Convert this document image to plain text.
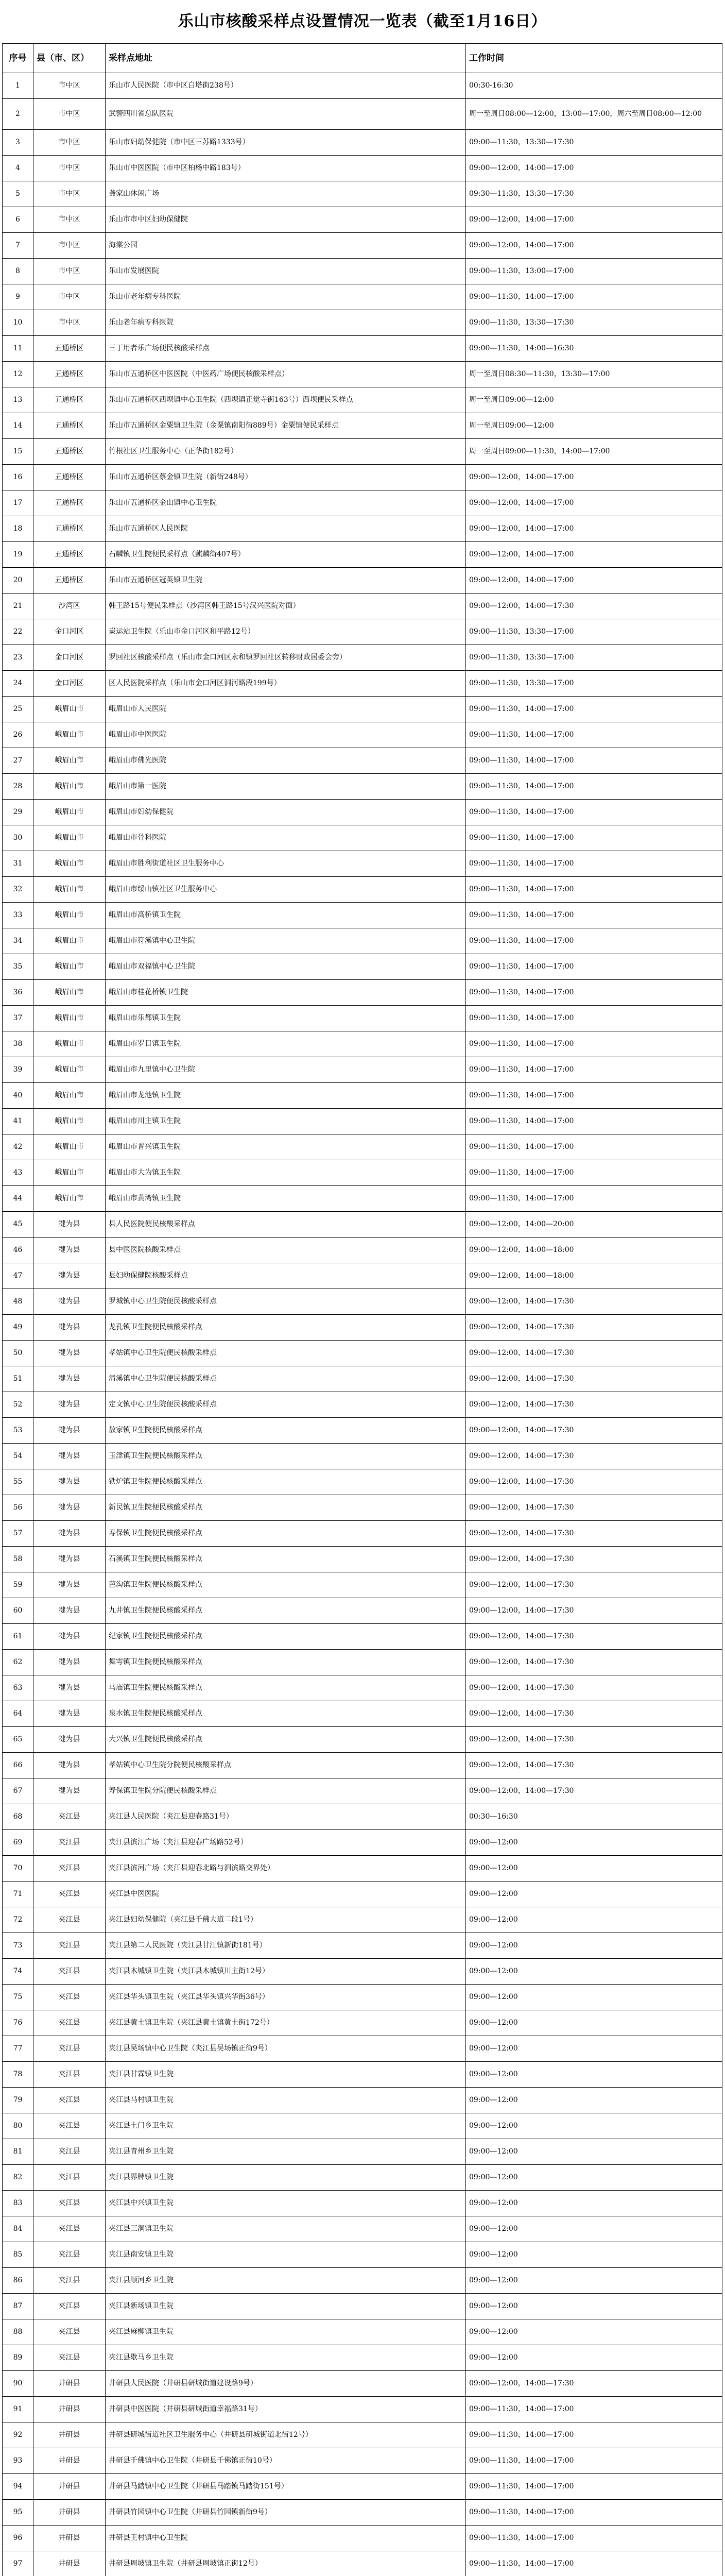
乐山市核酸采样点设置情况一览表（截至1月16日）
序号	县（市、区）	采样点地址	工作时间
1	市中区	乐山市人民医院（市中区白塔街238号）	00:30-16:30
2	市中区	武警四川省总队医院	周一至周日08:00—12:00，13:00—17:00，周六至周日08:00—12:00
3	市中区	乐山市妇幼保健院（市中区三苏路1333号）	09:00—11:30，13:30—17:30
4	市中区	乐山市中医医院（市中区柏杨中路183号）	09:00—12:00，14:00—17:00
5	市中区	龚家山休闲广场	09:30—11:30，13:30—17:30
6	市中区	乐山市市中区妇幼保健院	09:00—12:00，14:00—17:00
7	市中区	海棠公园	09:00—12:00，14:00—17:00
8	市中区	乐山市发展医院	09:00—11:30，13:00—17:00
9	市中区	乐山市老年病专科医院	09:00—11:30，14:00—17:00
10	市中区	乐山老年病专科医院	09:00—11:30，13:30—17:30
11	五通桥区	三丁用者乐广场便民核酸采样点	09:00—11:30，14:00—16:30
12	五通桥区	乐山市五通桥区中医医院（中医药广场便民核酸采样点）	周一至周日08:30—11:30，13:30—17:00
13	五通桥区	乐山市五通桥区西坝镇中心卫生院（西坝镇正觉寺街163号）西坝便民采样点	周一至周日09:00—12:00
14	五通桥区	乐山市五通桥区金粟镇卫生院（金粟镇南阳街889号）金粟镇便民采样点	周一至周日09:00—12:00
15	五通桥区	竹根社区卫生服务中心（正华街182号）	周一至周日09:00—11:30，14:00—17:00
16	五通桥区	乐山市五通桥区蔡金镇卫生院（新街248号）	09:00—12:00，14:00—17:00
17	五通桥区	乐山市五通桥区金山镇中心卫生院	09:00—12:00，14:00—17:00
18	五通桥区	乐山市五通桥区人民医院	09:00—12:00，14:00—17:00
19	五通桥区	石麟镇卫生院便民采样点（麒麟街407号）	09:00—12:00，14:00—17:00
20	五通桥区	乐山市五通桥区冠英镇卫生院	09:00—12:00，14:00—17:00
21	沙湾区	韩王路15号便民采样点（沙湾区韩王路15号汉兴医院对面）	09:00—12:00，14:00—17:30
22	金口河区	炭运站卫生院（乐山市金口河区和平路12号）	09:00—11:30，13:30—17:00
23	金口河区	罗回社区核酸采样点（乐山市金口河区永和镇罗回社区转移财政居委会旁）	09:00—11:30，13:30—17:00
24	金口河区	区人民医院采样点（乐山市金口河区洞河路段199号）	09:00—11:30，13:30—17:00
25	峨眉山市	峨眉山市人民医院	09:00—11:30，14:00—17:00
26	峨眉山市	峨眉山市中医医院	09:00—11:30，14:00—17:00
27	峨眉山市	峨眉山市佛光医院	09:00—11:30，14:00—17:00
28	峨眉山市	峨眉山市第一医院	09:00—11:30，14:00—17:00
29	峨眉山市	峨眉山市妇幼保健院	09:00—11:30，14:00—17:00
30	峨眉山市	峨眉山市骨科医院	09:00—11:30，14:00—17:00
31	峨眉山市	峨眉山市胜利街道社区卫生服务中心	09:00—11:30，14:00—17:00
32	峨眉山市	峨眉山市绥山镇社区卫生服务中心	09:00—11:30，14:00—17:00
33	峨眉山市	峨眉山市高桥镇卫生院	09:00—11:30，14:00—17:00
34	峨眉山市	峨眉山市符溪镇中心卫生院	09:00—11:30，14:00—17:00
35	峨眉山市	峨眉山市双福镇中心卫生院	09:00—11:30，14:00—17:00
36	峨眉山市	峨眉山市桂花桥镇卫生院	09:00—11:30，14:00—17:00
37	峨眉山市	峨眉山市乐都镇卫生院	09:00—11:30，14:00—17:00
38	峨眉山市	峨眉山市罗目镇卫生院	09:00—11:30，14:00—17:00
39	峨眉山市	峨眉山市九里镇中心卫生院	09:00—11:30，14:00—17:00
40	峨眉山市	峨眉山市龙池镇卫生院	09:00—11:30，14:00—17:00
41	峨眉山市	峨眉山市川主镇卫生院	09:00—11:30，14:00—17:00
42	峨眉山市	峨眉山市普兴镇卫生院	09:00—11:30，14:00—17:00
43	峨眉山市	峨眉山市大为镇卫生院	09:00—11:30，14:00—17:00
44	峨眉山市	峨眉山市黄湾镇卫生院	09:00—11:30，14:00—17:00
45	犍为县	县人民医院便民核酸采样点	09:00—12:00，14:00—20:00
46	犍为县	县中医医院核酸采样点	09:00—12:00，14:00—18:00
47	犍为县	县妇幼保健院核酸采样点	09:00—12:00，14:00—18:00
48	犍为县	罗城镇中心卫生院便民核酸采样点	09:00—12:00，14:00—17:30
49	犍为县	龙孔镇卫生院便民核酸采样点	09:00—12:00，14:00—17:30
50	犍为县	孝姑镇中心卫生院便民核酸采样点	09:00—12:00，14:00—17:30
51	犍为县	清溪镇中心卫生院便民核酸采样点	09:00—12:00，14:00—17:30
52	犍为县	定文镇中心卫生院便民核酸采样点	09:00—12:00，14:00—17:30
53	犍为县	敖家镇卫生院便民核酸采样点	09:00—12:00，14:00—17:30
54	犍为县	玉津镇卫生院便民核酸采样点	09:00—12:00，14:00—17:30
55	犍为县	铁炉镇卫生院便民核酸采样点	09:00—12:00，14:00—17:30
56	犍为县	新民镇卫生院便民核酸采样点	09:00—12:00，14:00—17:30
57	犍为县	寿保镇卫生院便民核酸采样点	09:00—12:00，14:00—17:30
58	犍为县	石溪镇卫生院便民核酸采样点	09:00—12:00，14:00—17:30
59	犍为县	芭沟镇卫生院便民核酸采样点	09:00—12:00，14:00—17:30
60	犍为县	九井镇卫生院便民核酸采样点	09:00—12:00，14:00—17:30
61	犍为县	纪家镇卫生院便民核酸采样点	09:00—12:00，14:00—17:30
62	犍为县	舞雩镇卫生院便民核酸采样点	09:00—12:00，14:00—17:30
63	犍为县	马庙镇卫生院便民核酸采样点	09:00—12:00，14:00—17:30
64	犍为县	泉水镇卫生院便民核酸采样点	09:00—12:00，14:00—17:30
65	犍为县	大兴镇卫生院便民核酸采样点	09:00—12:00，14:00—17:30
66	犍为县	孝姑镇中心卫生院分院便民核酸采样点	09:00—12:00，14:00—17:30
67	犍为县	寿保镇卫生院分院便民核酸采样点	09:00—12:00，14:00—17:30
68	夹江县	夹江县人民医院（夹江县迎春路31号）	00:30—16:30
69	夹江县	夹江县滨江广场（夹江县迎春广场路52号）	09:00—12:00
70	夹江县	夹江县滨河广场（夹江县迎春北路与泗滨路交界处）	09:00—12:00
71	夹江县	夹江县中医医院	09:00—12:00
72	夹江县	夹江县妇幼保健院（夹江县千佛大道二段1号）	09:00—12:00
73	夹江县	夹江县第二人民医院（夹江县甘江镇新街181号）	09:00—12:00
74	夹江县	夹江县木城镇卫生院（夹江县木城镇川主街12号）	09:00—12:00
75	夹江县	夹江县华头镇卫生院（夹江县华头镇兴华街36号）	09:00—12:00
76	夹江县	夹江县黄土镇卫生院（夹江县黄土镇黄土街172号）	09:00—12:00
77	夹江县	夹江县吴场镇中心卫生院（夹江县吴场镇正街9号）	09:00—12:00
78	夹江县	夹江县甘霖镇卫生院	09:00—12:00
79	夹江县	夹江县马村镇卫生院	09:00—12:00
80	夹江县	夹江县土门乡卫生院	09:00—12:00
81	夹江县	夹江县青州乡卫生院	09:00—12:00
82	夹江县	夹江县界牌镇卫生院	09:00—12:00
83	夹江县	夹江县中兴镇卫生院	09:00—12:00
84	夹江县	夹江县三洞镇卫生院	09:00—12:00
85	夹江县	夹江县南安镇卫生院	09:00—12:00
86	夹江县	夹江县顺河乡卫生院	09:00—12:00
87	夹江县	夹江县新场镇卫生院	09:00—12:00
88	夹江县	夹江县麻柳镇卫生院	09:00—12:00
89	夹江县	夹江县歇马乡卫生院	09:00—12:00
90	井研县	井研县人民医院（井研县研城街道建设路9号）	09:00—12:00，14:00—17:30
91	井研县	井研县中医医院（井研县研城街道幸福路31号）	09:00—11:30，14:00—17:00
92	井研县	井研县研城街道社区卫生服务中心（井研县研城街道北街12号）	09:00—11:30，14:00—17:00
93	井研县	井研县千佛镇中心卫生院（井研县千佛镇正街10号）	09:00—11:30，14:00—17:00
94	井研县	井研县马踏镇中心卫生院（井研县马踏镇马踏街151号）	09:00—11:30，14:00—17:00
95	井研县	井研县竹园镇中心卫生院（井研县竹园镇新街9号）	09:00—11:30，14:00—17:00
96	井研县	井研县王村镇中心卫生院	09:00—11:30，14:00—17:00
97	井研县	井研县周坡镇卫生院（井研县周坡镇正街12号）	09:00—11:30，14:00—17:00
